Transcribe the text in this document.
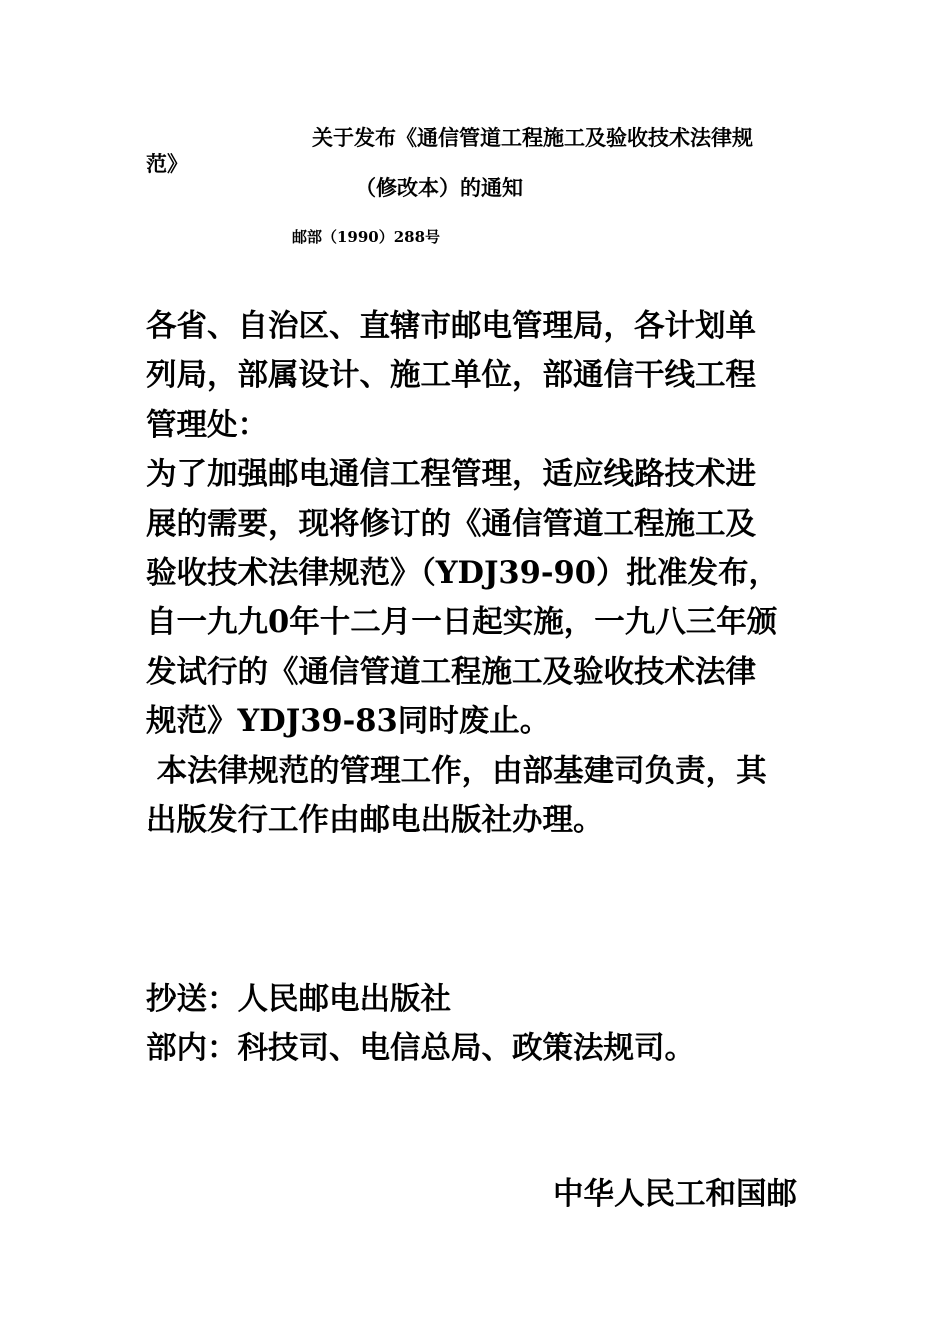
关于发布《通信管道工程施工及验收技术法律规
范》
（修改本）的通知
邮部（1990）288号
各省、自治区、直辖市邮电管理局，各计划单
列局，部属设计、施工单位，部通信干线工程
管理处：
为了加强邮电通信工程管理，适应线路技术进
展的需要，现将修订的《通信管道工程施工及
验收技术法律规范》（YDJ39-90）批准发布，
自一九九0年十二月一日起实施，一九八三年颁
发试行的《通信管道工程施工及验收技术法律
规范》YDJ39-83同时废止。
本法律规范的管理工作，由部基建司负责，其
出版发行工作由邮电出版社办理。
抄送：人民邮电出版社
部内：科技司、电信总局、政策法规司。
中华人民工和国邮
